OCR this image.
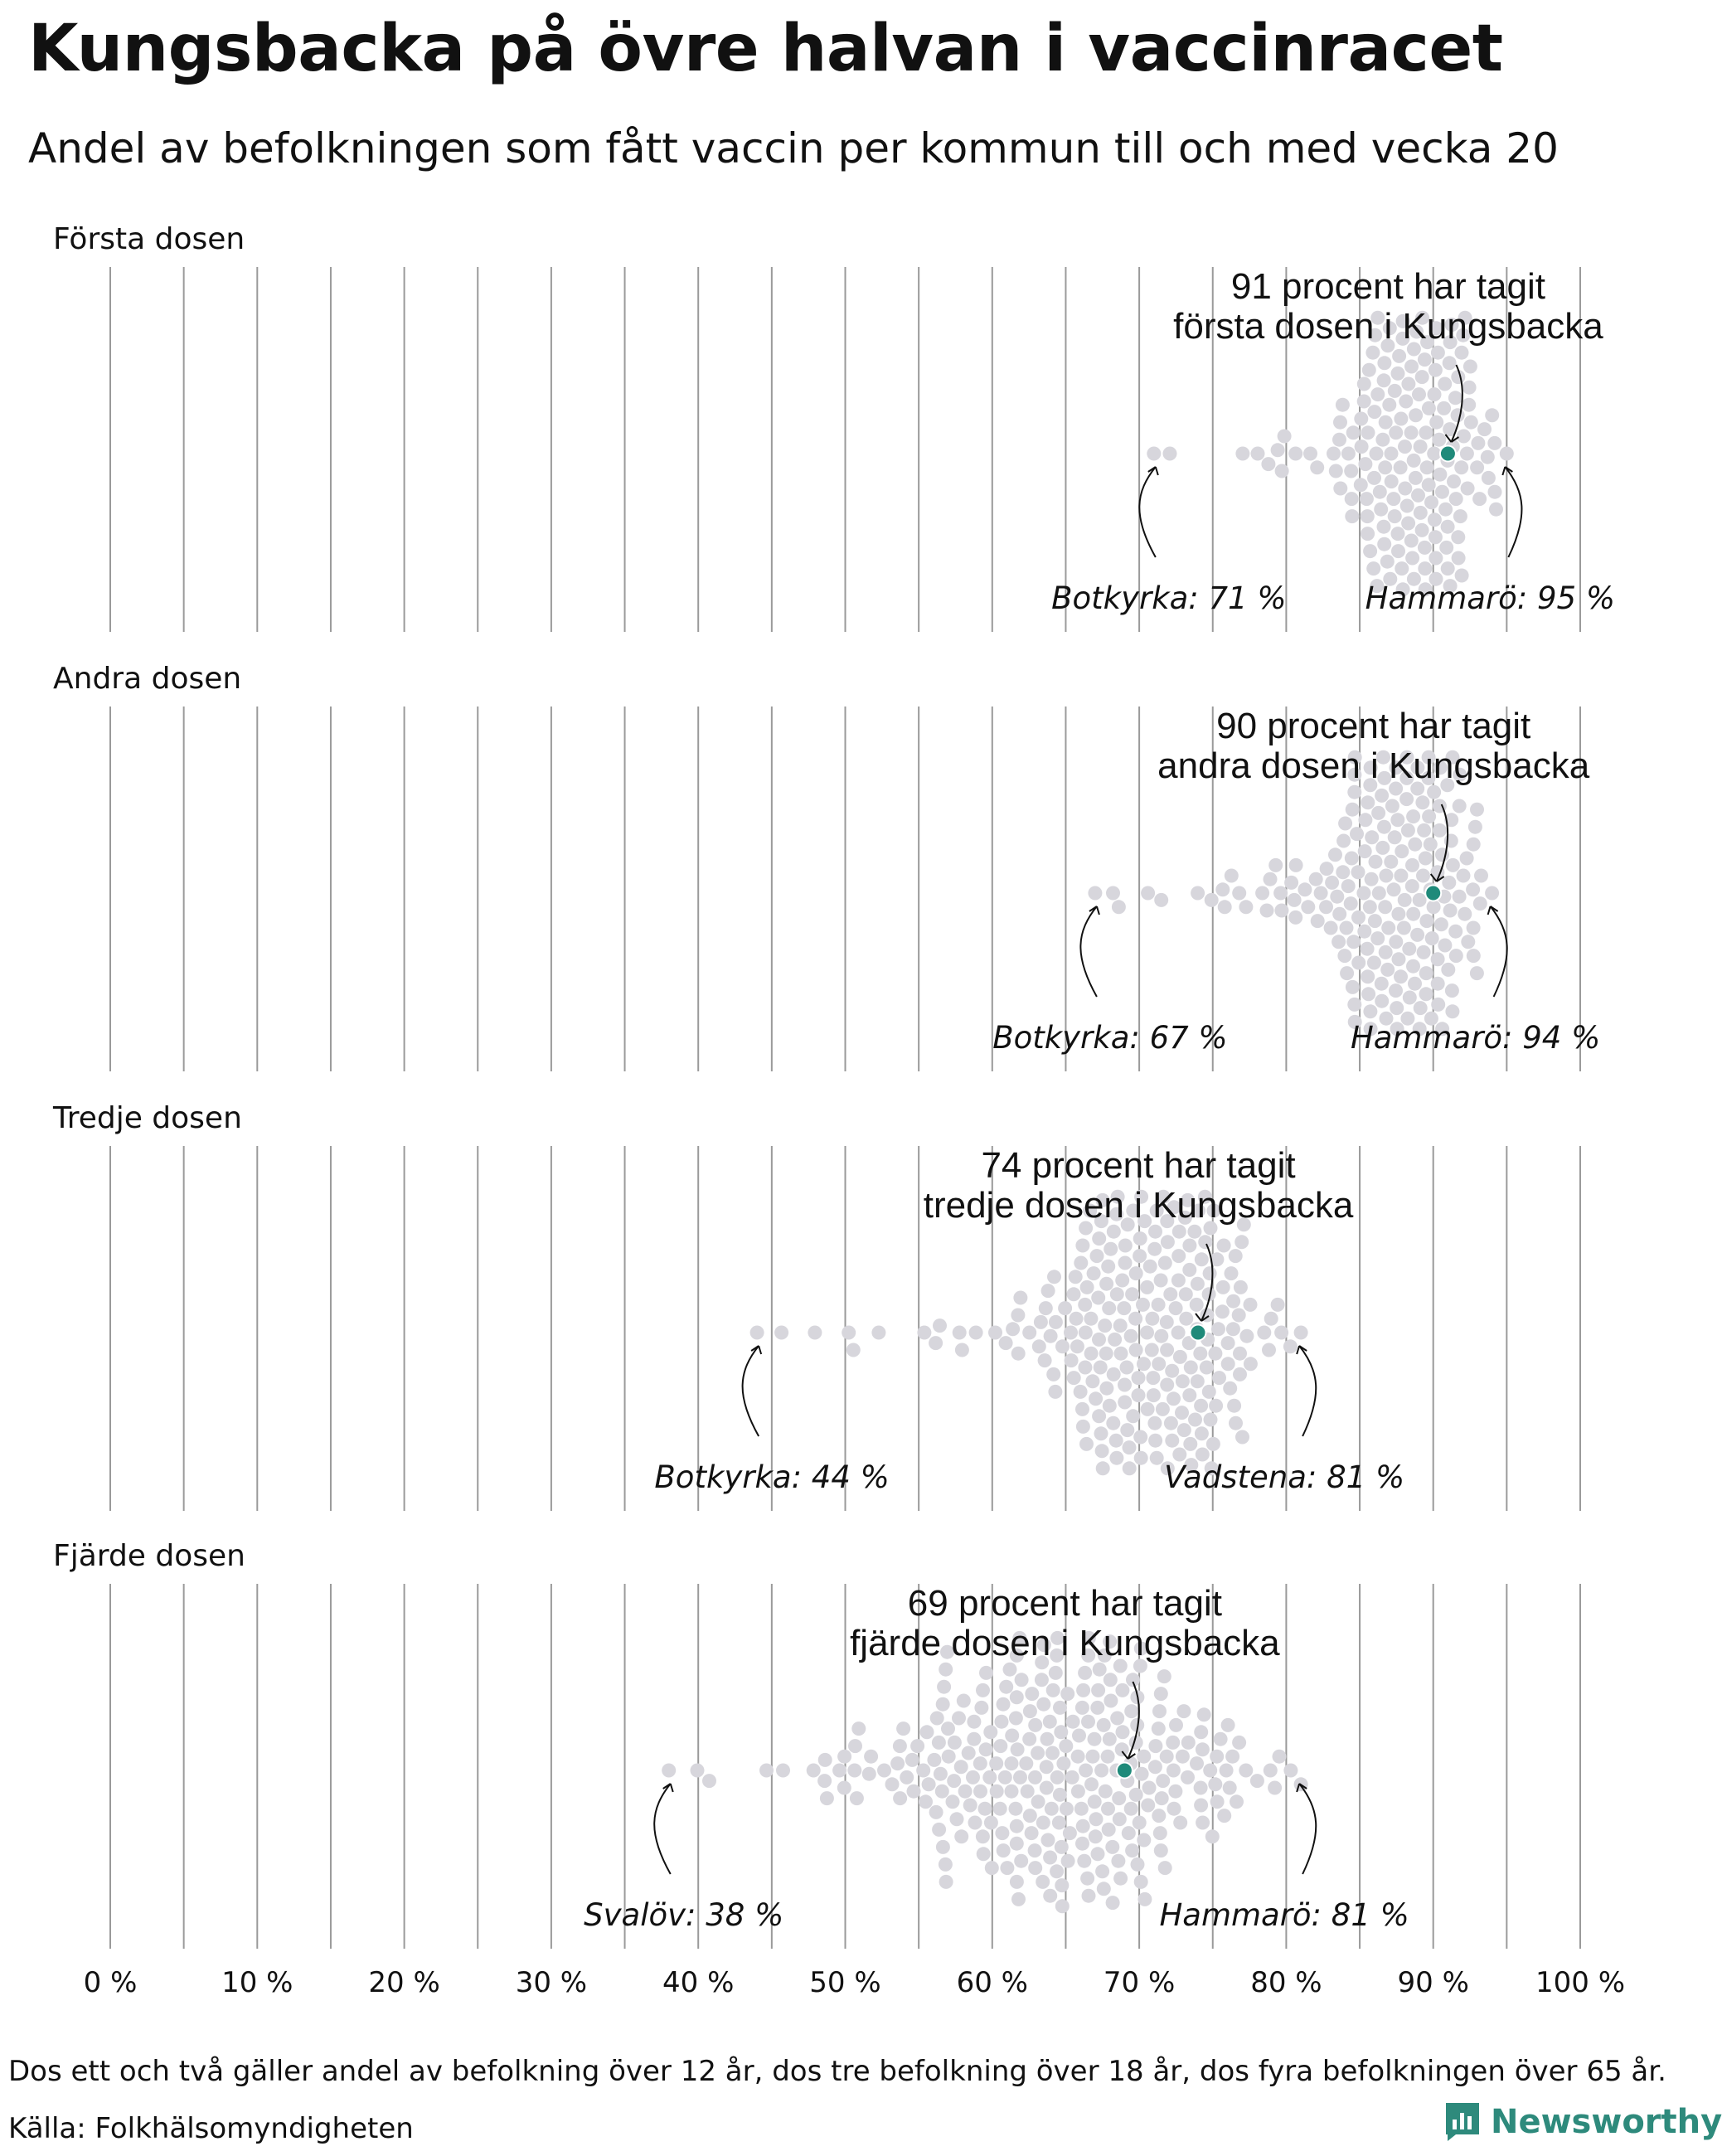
Kungsbacka på övre halvan i vaccinracet
Andel av befolkningen som fått vaccin per kommun till och med vecka 20
Första dosen
91 procent har tagit
första dosen i Kungsbacka
Botkyrka: 71 %	Hammarö: 95 %
Andra dosen
90 procent har tagit
andra dosen i Kungsbacka
Botkyrka: 67 %	Hammarö: 94 %
Tredje dosen
74 procent har tagit
tredje dosen i Kungsbacka
Botkyrka: 44 %	Vadstena: 81 %
Fjärde dosen
69 procent har tagit
fjärde dosen i Kungsbacka
Svalöv: 38 %	Hammarö: 81 %
0 %	10 %	20 %	30 %	40 %	50 %	60 %	70 %	80 %	90 % 100 %
Dos ett och två gäller andel av befolkning över 12 år, dos tre befolkning över 18 år, dos fyra befolkningen över 65 år.
Källa: Folkhälsomyndigheten	Newsworthy
